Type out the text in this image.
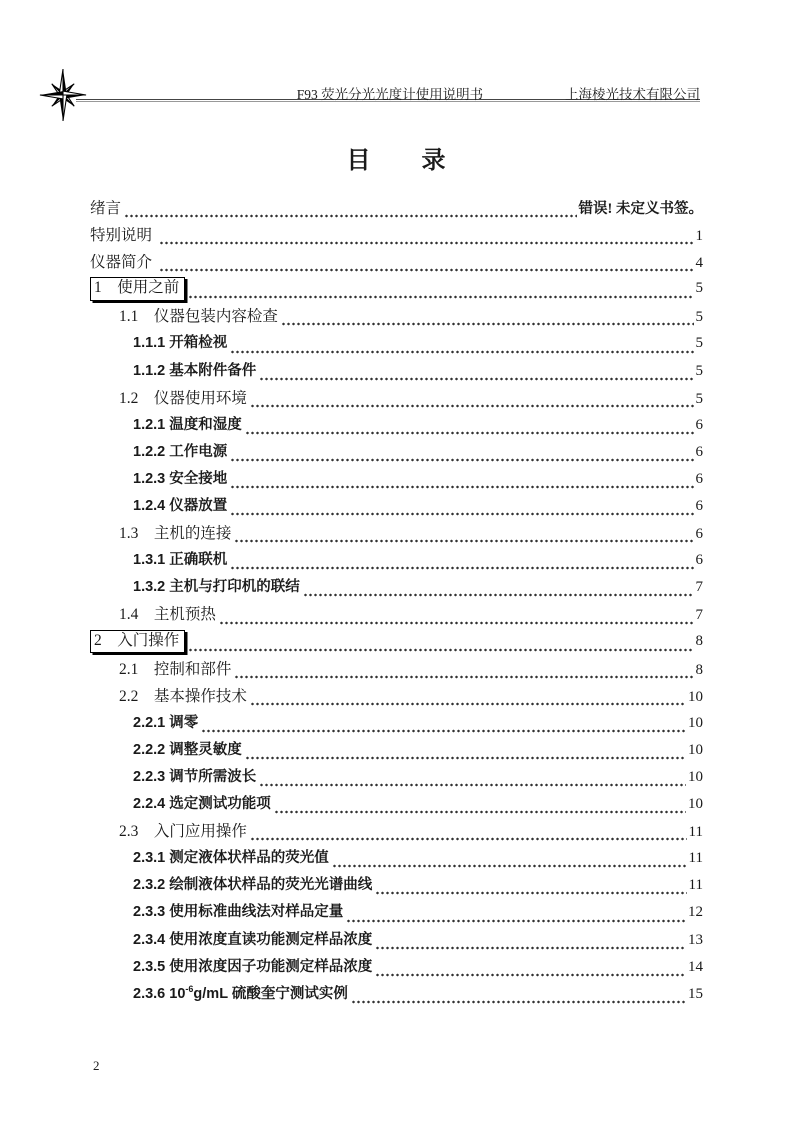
F93 荧光分光光度计使用说明书	上海棱光技术有限公司
目　　录
绪言	错误! 未定义书签。
特别说明	1
仪器简介	4
1　使用之前	5
1.1　仪器包装内容检查	5
1.1.1 开箱检视	5
1.1.2 基本附件备件	5
1.2　仪器使用环境	5
1.2.1 温度和湿度	6
1.2.2 工作电源	6
1.2.3 安全接地	6
1.2.4 仪器放置	6
1.3　主机的连接	6
1.3.1 正确联机	6
1.3.2 主机与打印机的联结	7
1.4　主机预热	7
2　入门操作	8
2.1　控制和部件	8
2.2　基本操作技术	10
2.2.1 调零	10
2.2.2 调整灵敏度	10
2.2.3 调节所需波长	10
2.2.4 选定测试功能项	10
2.3　入门应用操作	11
2.3.1 测定液体状样品的荧光值	11
2.3.2 绘制液体状样品的荧光光谱曲线	11
2.3.3 使用标准曲线法对样品定量	12
2.3.4 使用浓度直读功能测定样品浓度	13
2.3.5 使用浓度因子功能测定样品浓度	14
2.3.6 $10^{-6}g/mL$ 硫酸奎宁测试实例	15
2
